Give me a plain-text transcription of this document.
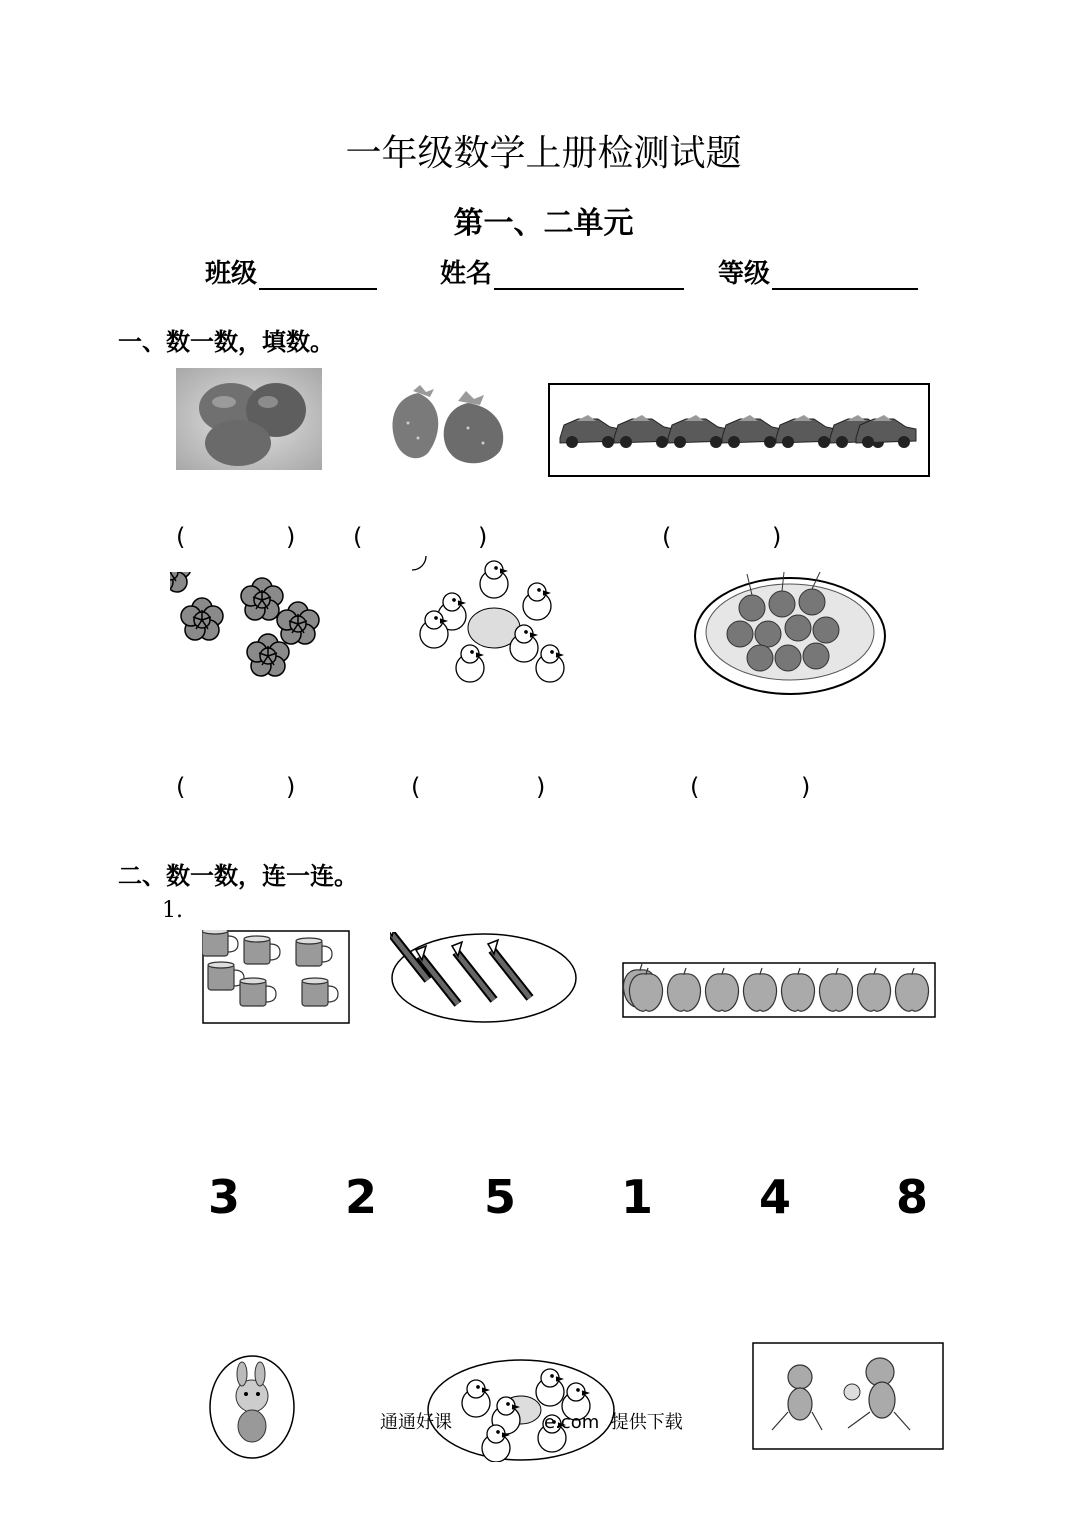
一年级数学上册检测试题
第一、二单元
班级	姓名	等级
一、数一数，填数。
(	) (	)	(	)
(	)	(	)	(	)
二、数一数，连一连。
1.
3 2 5 1 4 8
通通好课	e.com 提供下载
